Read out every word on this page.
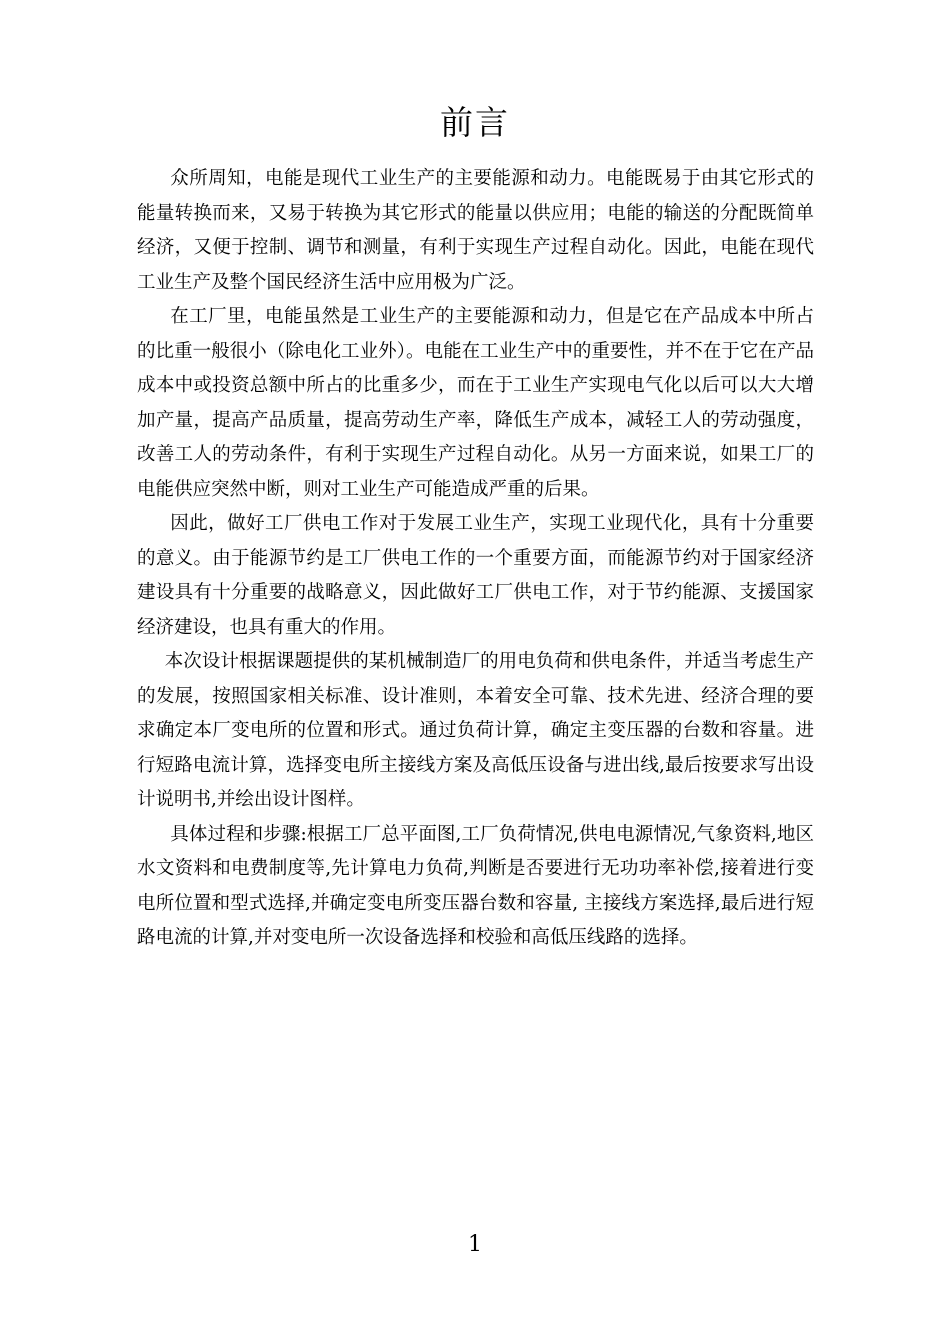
前言

众所周知，电能是现代工业生产的主要能源和动力。电能既易于由其它形式的能量转换而来，又易于转换为其它形式的能量以供应用；电能的输送的分配既简单经济，又便于控制、调节和测量，有利于实现生产过程自动化。因此，电能在现代工业生产及整个国民经济生活中应用极为广泛。

在工厂里，电能虽然是工业生产的主要能源和动力，但是它在产品成本中所占的比重一般很小（除电化工业外）。电能在工业生产中的重要性，并不在于它在产品成本中或投资总额中所占的比重多少，而在于工业生产实现电气化以后可以大大增加产量，提高产品质量，提高劳动生产率，降低生产成本，减轻工人的劳动强度，改善工人的劳动条件，有利于实现生产过程自动化。从另一方面来说，如果工厂的电能供应突然中断，则对工业生产可能造成严重的后果。

因此，做好工厂供电工作对于发展工业生产，实现工业现代化，具有十分重要的意义。由于能源节约是工厂供电工作的一个重要方面，而能源节约对于国家经济建设具有十分重要的战略意义，因此做好工厂供电工作，对于节约能源、支援国家经济建设，也具有重大的作用。

本次设计根据课题提供的某机械制造厂的用电负荷和供电条件，并适当考虑生产的发展，按照国家相关标准、设计准则，本着安全可靠、技术先进、经济合理的要求确定本厂变电所的位置和形式。通过负荷计算，确定主变压器的台数和容量。进行短路电流计算，选择变电所主接线方案及高低压设备与进出线,最后按要求写出设计说明书,并绘出设计图样。

具体过程和步骤:根据工厂总平面图,工厂负荷情况,供电电源情况,气象资料,地区水文资料和电费制度等,先计算电力负荷,判断是否要进行无功功率补偿,接着进行变电所位置和型式选择,并确定变电所变压器台数和容量, 主接线方案选择,最后进行短路电流的计算,并对变电所一次设备选择和校验和高低压线路的选择。

1
